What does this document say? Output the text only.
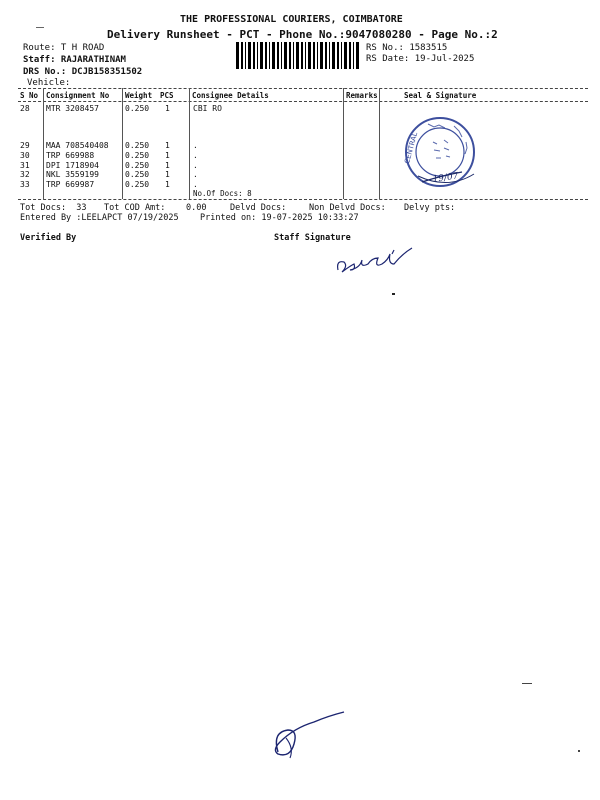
THE PROFESSIONAL COURIERS, COIMBATORE
Delivery Runsheet - PCT - Phone No.:9047080280 - Page No.:2
Route: T H ROAD
Staff: RAJARATHINAM
DRS No.: DCJB158351502
Vehicle:
RS No.: 1583515
RS Date: 19-Jul-2025
S No Consignment No Weight PCS Consignee Details	Remarks	Seal & Signature
28 MTR 3208457	0.250 1	CBI RO
29 MAA 708540408 0.250 1	.
30 TRP 669988	0.250 1	.
31 DPI 1718904	0.250 1	.
32 NKL 3559199	0.250 1	.
33 TRP 669987	0.250 1	.
No.Of Docs: 8
CENTRAL
19/07
Tot Docs:  33 Tot COD Amt: 0.00	Delvd Docs:	Non Delvd Docs: Delvy pts:
Entered By :LEELAPCT 07/19/2025	Printed on: 19-07-2025 10:33:27
Verified By	Staff Signature
